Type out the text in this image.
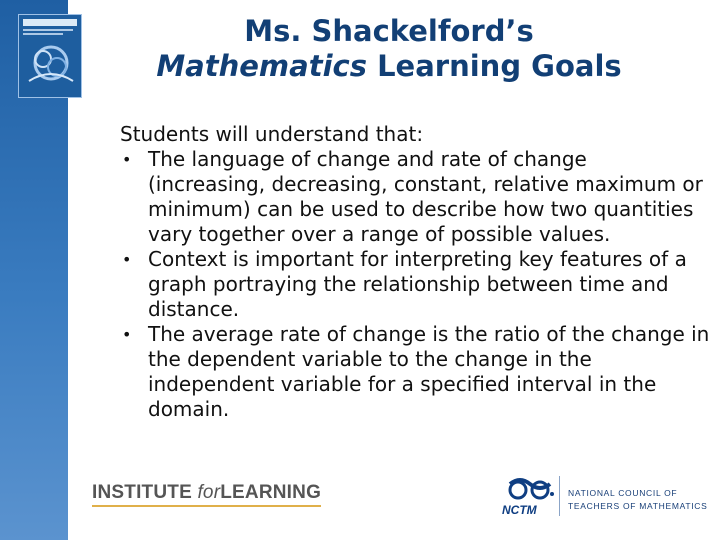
Ms. Shackelford’s
Mathematics Learning Goals

Students will understand that:

• The language of change and rate of change (increasing, decreasing, constant, relative maximum or minimum) can be used to describe how two quantities vary together over a range of possible values.
• Context is important for interpreting key features of a graph portraying the relationship between time and distance.
• The average rate of change is the ratio of the change in the dependent variable to the change in the independent variable for a specified interval in the domain.
INSTITUTE forLEARNING
NCTM
NATIONAL COUNCIL OF
TEACHERS OF MATHEMATICS
